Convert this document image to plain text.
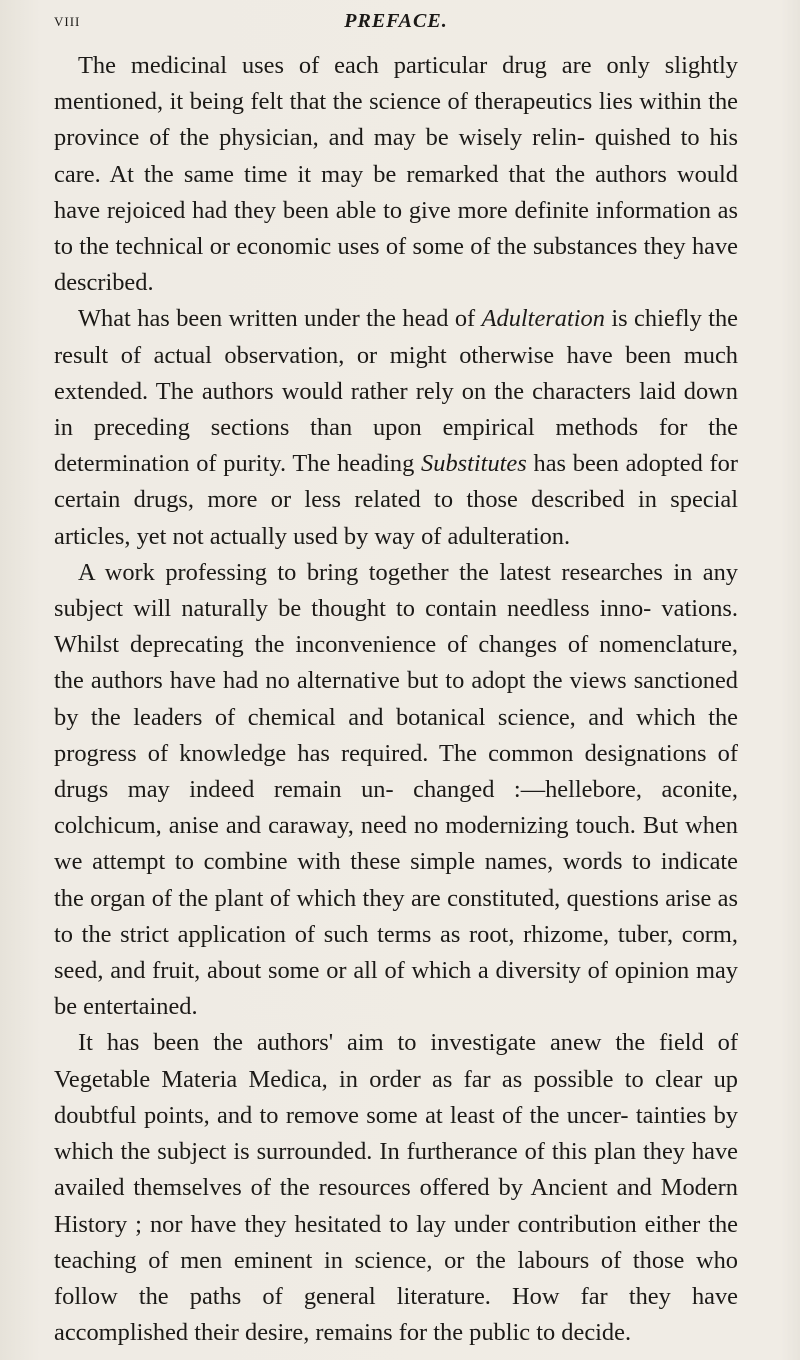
viii	PREFACE.

The medicinal uses of each particular drug are only slightly mentioned, it being felt that the science of therapeutics lies within the province of the physician, and may be wisely relin- quished to his care. At the same time it may be remarked that the authors would have rejoiced had they been able to give more definite information as to the technical or economic uses of some of the substances they have described.

What has been written under the head of Adulteration is chiefly the result of actual observation, or might otherwise have been much extended. The authors would rather rely on the characters laid down in preceding sections than upon empirical methods for the determination of purity. The heading Substitutes has been adopted for certain drugs, more or less related to those described in special articles, yet not actually used by way of adulteration.

A work professing to bring together the latest researches in any subject will naturally be thought to contain needless inno- vations. Whilst deprecating the inconvenience of changes of nomenclature, the authors have had no alternative but to adopt the views sanctioned by the leaders of chemical and botanical science, and which the progress of knowledge has required. The common designations of drugs may indeed remain un- changed :—hellebore, aconite, colchicum, anise and caraway, need no modernizing touch. But when we attempt to combine with these simple names, words to indicate the organ of the plant of which they are constituted, questions arise as to the strict application of such terms as root, rhizome, tuber, corm, seed, and fruit, about some or all of which a diversity of opinion may be entertained.

It has been the authors' aim to investigate anew the field of Vegetable Materia Medica, in order as far as possible to clear up doubtful points, and to remove some at least of the uncer- tainties by which the subject is surrounded. In furtherance of this plan they have availed themselves of the resources offered by Ancient and Modern History ; nor have they hesitated to lay under contribution either the teaching of men eminent in science, or the labours of those who follow the paths of general literature. How far they have accomplished their desire, remains for the public to decide.
